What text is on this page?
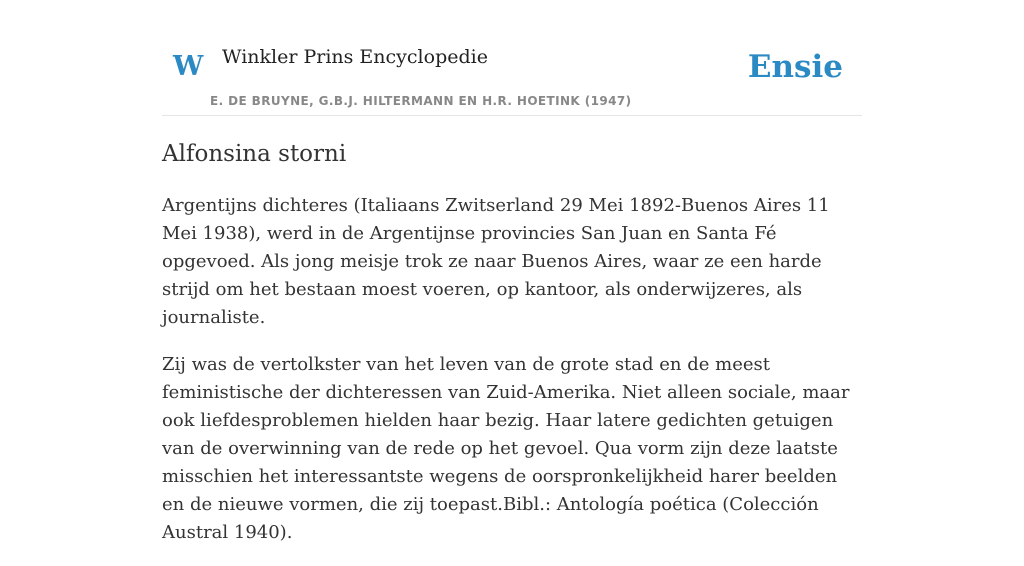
W Winkler Prins Encyclopedie
E. DE BRUYNE, G.B.J. HILTERMANN EN H.R. HOETINK (1947)
Ensie
Alfonsina storni

Argentijns dichteres (Italiaans Zwitserland 29 Mei 1892-Buenos Aires 11 Mei 1938), werd in de Argentijnse provincies San Juan en Santa Fé opgevoed. Als jong meisje trok ze naar Buenos Aires, waar ze een harde strijd om het bestaan moest voeren, op kantoor, als onderwijzeres, als journaliste.

Zij was de vertolkster van het leven van de grote stad en de meest feministische der dichteressen van Zuid-Amerika. Niet alleen sociale, maar ook liefdesproblemen hielden haar bezig. Haar latere gedichten getuigen van de overwinning van de rede op het gevoel. Qua vorm zijn deze laatste misschien het interessantste wegens de oorspronkelijkheid harer beelden en de nieuwe vormen, die zij toepast.Bibl.: Antología poética (Colección Austral 1940).
